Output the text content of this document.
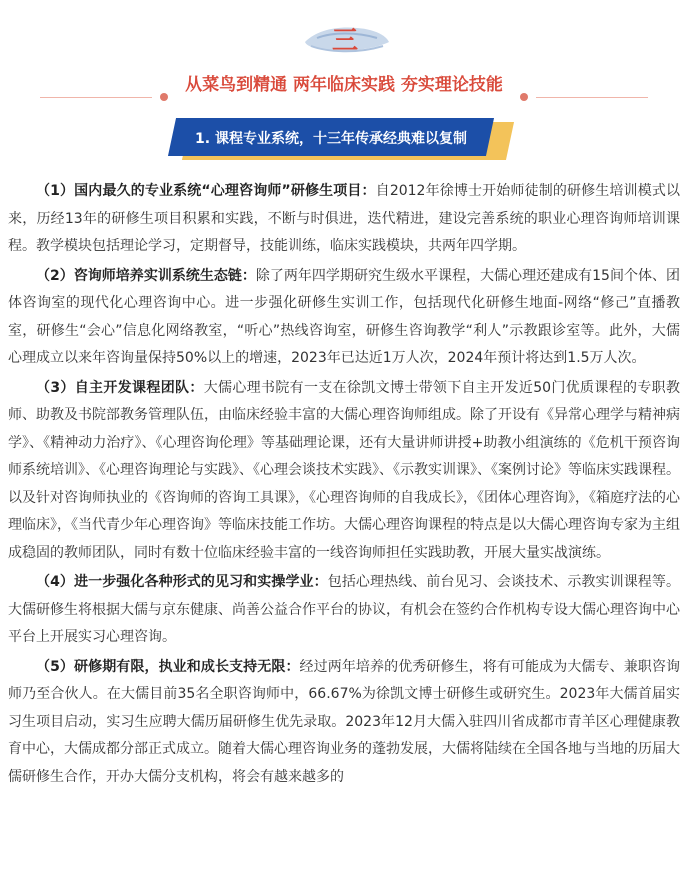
三
从菜鸟到精通 两年临床实践 夯实理论技能
1. 课程专业系统，十三年传承经典难以复制

（1）国内最久的专业系统“心理咨询师”研修生项目：自2012年徐博士开始师徒制的研修生培训模式以来，历经13年的研修生项目积累和实践，不断与时俱进，迭代精进，建设完善系统的职业心理咨询师培训课程。教学模块包括理论学习，定期督导，技能训练，临床实践模块，共两年四学期。

（2）咨询师培养实训系统生态链：除了两年四学期研究生级水平课程，大儒心理还建成有15间个体、团体咨询室的现代化心理咨询中心。进一步强化研修生实训工作，包括现代化研修生地面-网络“修己”直播教室，研修生“会心”信息化网络教室，“听心”热线咨询室，研修生咨询教学“利人”示教跟诊室等。此外，大儒心理成立以来年咨询量保持50%以上的增速，2023年已达近1万人次，2024年预计将达到1.5万人次。

（3）自主开发课程团队：大儒心理书院有一支在徐凯文博士带领下自主开发近50门优质课程的专职教师、助教及书院部教务管理队伍，由临床经验丰富的大儒心理咨询师组成。除了开设有《异常心理学与精神病学》、《精神动力治疗》、《心理咨询伦理》等基础理论课，还有大量讲师讲授+助教小组演练的《危机干预咨询师系统培训》、《心理咨询理论与实践》、《心理会谈技术实践》、《示教实训课》、《案例讨论》等临床实践课程。以及针对咨询师执业的《咨询师的咨询工具课》，《心理咨询师的自我成长》，《团体心理咨询》，《箱庭疗法的心理临床》，《当代青少年心理咨询》等临床技能工作坊。大儒心理咨询课程的特点是以大儒心理咨询专家为主组成稳固的教师团队，同时有数十位临床经验丰富的一线咨询师担任实践助教，开展大量实战演练。

（4）进一步强化各种形式的见习和实操学业：包括心理热线、前台见习、会谈技术、示教实训课程等。大儒研修生将根据大儒与京东健康、尚善公益合作平台的协议，有机会在签约合作机构专设大儒心理咨询中心平台上开展实习心理咨询。

（5）研修期有限，执业和成长支持无限：经过两年培养的优秀研修生，将有可能成为大儒专、兼职咨询师乃至合伙人。在大儒目前35名全职咨询师中，66.67%为徐凯文博士研修生或研究生。2023年大儒首届实习生项目启动，实习生应聘大儒历届研修生优先录取。2023年12月大儒入驻四川省成都市青羊区心理健康教育中心，大儒成都分部正式成立。随着大儒心理咨询业务的蓬勃发展，大儒将陆续在全国各地与当地的历届大儒研修生合作，开办大儒分支机构，将会有越来越多的
